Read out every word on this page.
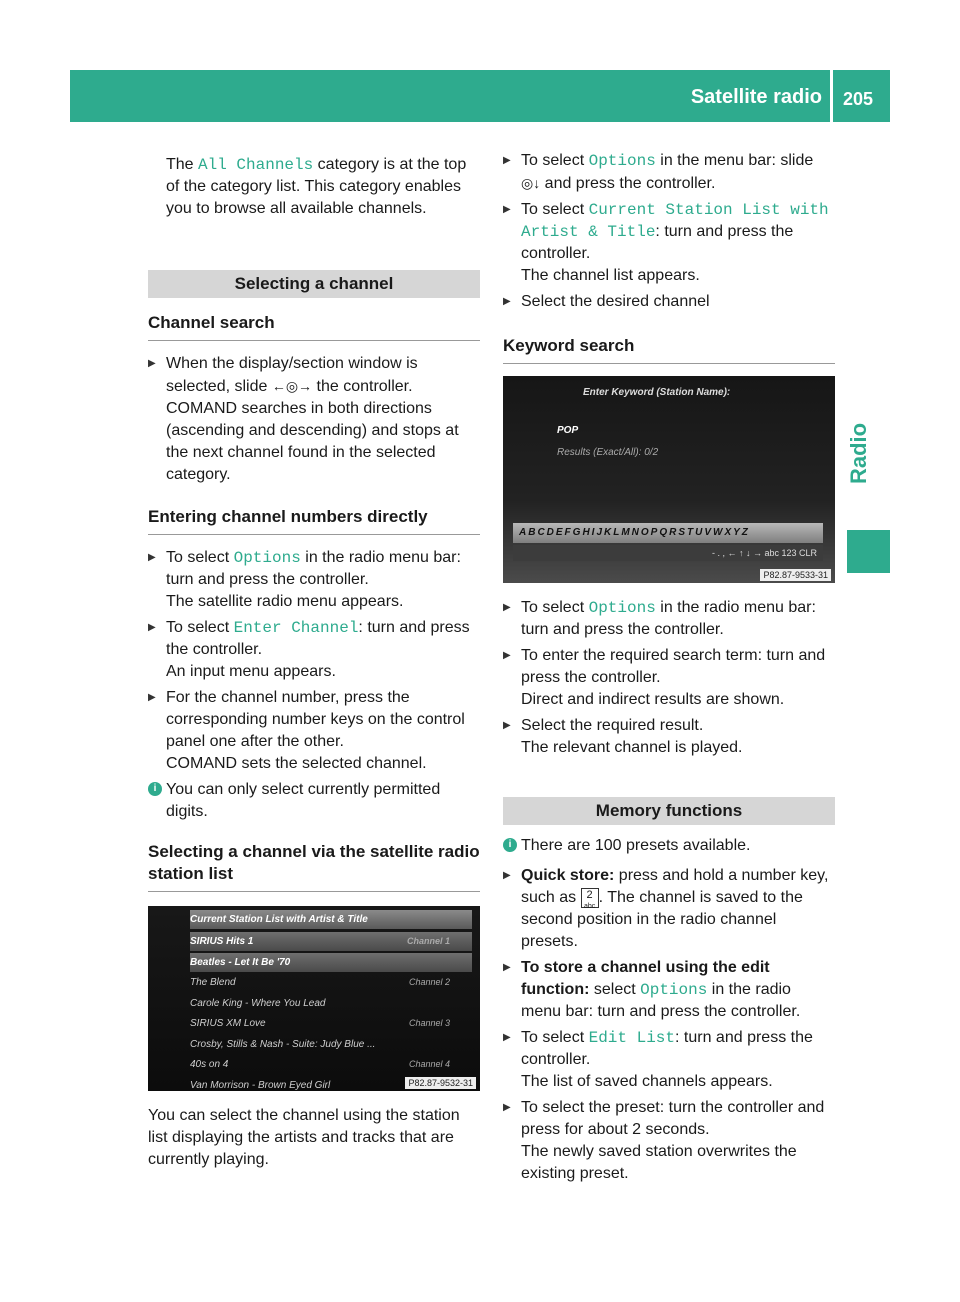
Satellite radio 205
Radio

The All Channels category is at the top of the category list. This category enables you to browse all available channels.

Selecting a channel
Channel search
▶ When the display/section window is selected, slide ←◎→ the controller.
COMAND searches in both directions (ascending and descending) and stops at the next channel found in the selected category.
Entering channel numbers directly
▶ To select Options in the radio menu bar: turn and press the controller.
The satellite radio menu appears.
▶ To select Enter Channel: turn and press the controller.
An input menu appears.
▶ For the channel number, press the corresponding number keys on the control panel one after the other.
COMAND sets the selected channel.
i You can only select currently permitted digits.
Selecting a channel via the satellite radio station list
Current Station List with Artist & Title
SIRIUS Hits 1	Channel 1
Beatles - Let It Be '70
The Blend	Channel 2
Carole King - Where You Lead
SIRIUS XM Love	Channel 3
Crosby, Stills & Nash - Suite: Judy Blue ...
40s on 4	Channel 4
Van Morrison - Brown Eyed Girl	P82.87-9532-31

You can select the channel using the station list displaying the artists and tracks that are currently playing.

▶ To select Options in the menu bar: slide ◎↓ and press the controller.
▶ To select Current Station List with Artist & Title: turn and press the controller.
The channel list appears.
▶ Select the desired channel
Keyword search
Enter Keyword (Station Name):
POP
Results (Exact/All): 0/2
ABCDEFGHIJKLMNOPQRSTUVWXYZ
- . , ← ↑ ↓ → abc 123 CLR
P82.87-9533-31
▶ To select Options in the radio menu bar: turn and press the controller.
▶ To enter the required search term: turn and press the controller.
Direct and indirect results are shown.
▶ Select the required result.
The relevant channel is played.
Memory functions
i There are 100 presets available.
▶ Quick store: press and hold a number key, such as 2
abc. The channel is saved to the second position in the radio channel presets.
▶ To store a channel using the edit function: select Options in the radio menu bar: turn and press the controller.
▶ To select Edit List: turn and press the controller.
The list of saved channels appears.
▶ To select the preset: turn the controller and press for about 2 seconds.
The newly saved station overwrites the existing preset.
